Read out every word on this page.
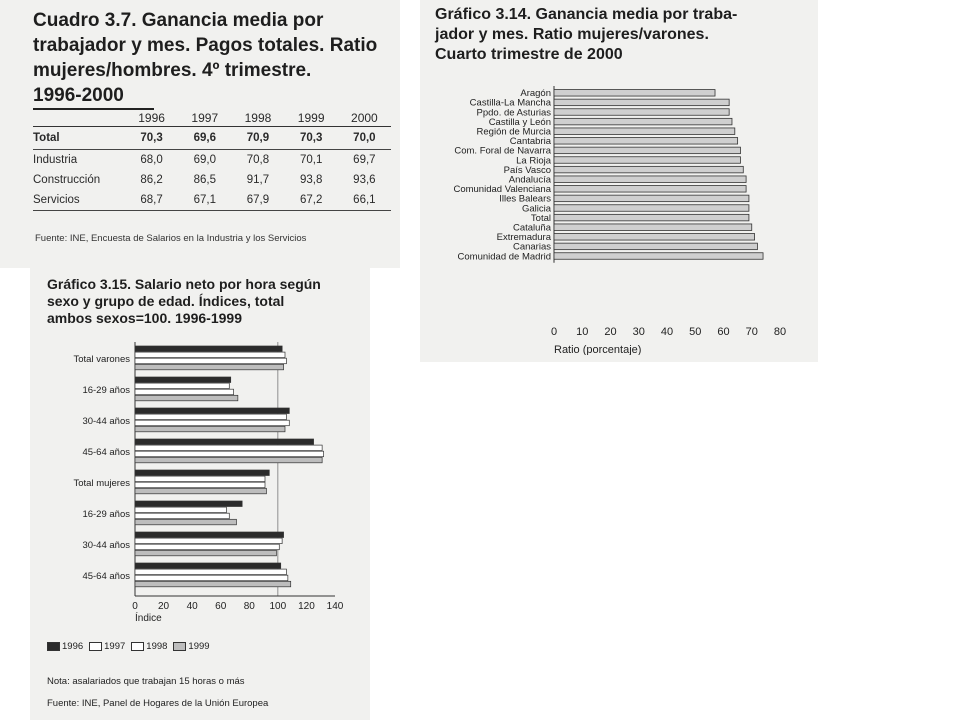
Cuadro 3.7. Ganancia media por
trabajador y mes. Pagos totales. Ratio
mujeres/hombres. 4º trimestre.
1996-2000
	1996	1997	1998	1999	2000
Total	70,3	69,6	70,9	70,3	70,0
Industria	68,0	69,0	70,8	70,1	69,7
Construcción	86,2	86,5	91,7	93,8	93,6
Servicios	68,7	67,1	67,9	67,2	66,1
Fuente: INE, Encuesta de Salarios en la Industria y los Servicios
Gráfico 3.14. Ganancia media por traba-
jador y mes. Ratio mujeres/varones.
Cuarto trimestre de 2000
Aragón
Castilla-La Mancha
Ppdo. de Asturias
Castilla y León
Región de Murcia
Cantabria
Com. Foral de Navarra
La Rioja
País Vasco
Andalucía
Comunidad Valenciana
Illes Balears
Galicia
Total
Cataluña
Extremadura
Canarias
Comunidad de Madrid
0 10 20 30 40 50 60 70 80
Ratio (porcentaje)
Gráfico 3.15. Salario neto por hora según
sexo y grupo de edad. Índices, total
ambos sexos=100. 1996-1999
Total varones
16-29 años
30-44 años
45-64 años
Total mujeres
16-29 años
30-44 años
45-64 años
0 20 40 60 80 100 120 140
Índice
1996 1997 1998 1999
Nota: asalariados que trabajan 15 horas o más
Fuente: INE, Panel de Hogares de la Unión Europea
